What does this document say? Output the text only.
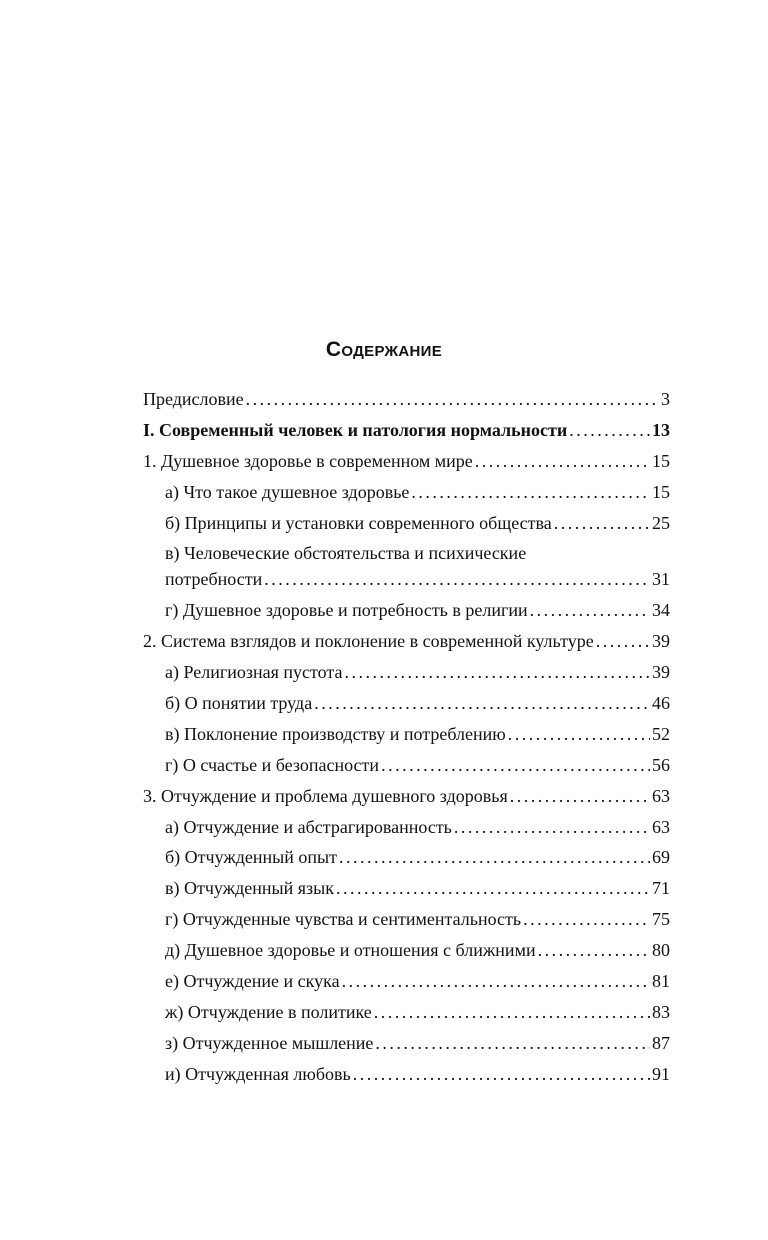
Содержание
Предисловие . . .	3
I. Современный человек и патология нормальности . . .	13
1. Душевное здоровье в современном мире . . .	15
а) Что такое душевное здоровье . . .	15
б) Принципы и установки современного общества . . .	25
в) Человеческие обстоятельства и психические
потребности . . .	31
г) Душевное здоровье и потребность в религии . . .	34
2. Система взглядов и поклонение в современной культуре . . .	39
а) Религиозная пустота . . .	39
б) О понятии труда . . .	46
в) Поклонение производству и потреблению . . .	52
г) О счастье и безопасности . . .	56
3. Отчуждение и проблема душевного здоровья . . .	63
а) Отчуждение и абстрагированность . . .	63
б) Отчужденный опыт . . .	69
в) Отчужденный язык . . .	71
г) Отчужденные чувства и сентиментальность . . .	75
д) Душевное здоровье и отношения с ближними . . .	80
е) Отчуждение и скука . . .	81
ж) Отчуждение в политике . . .	83
з) Отчужденное мышление . . .	87
и) Отчужденная любовь . . .	91
